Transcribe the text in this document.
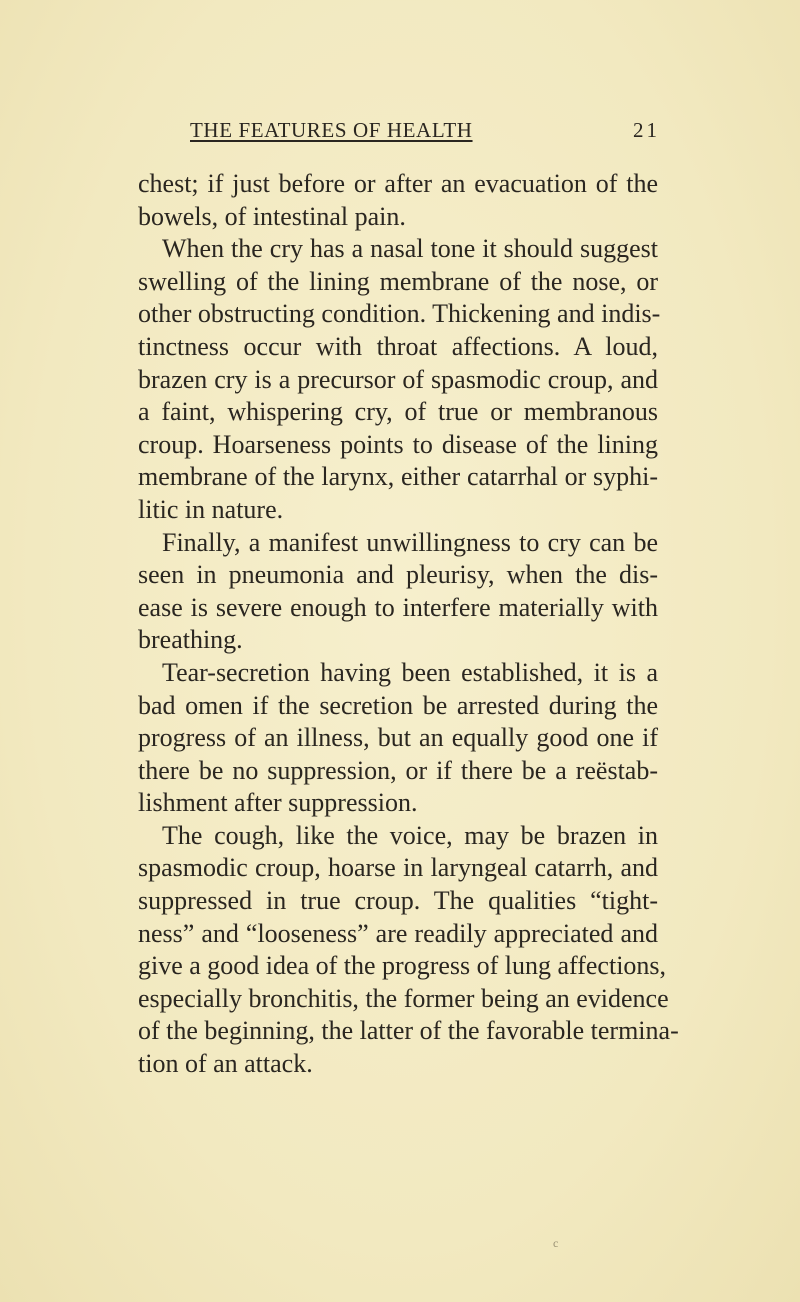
THE FEATURES OF HEALTH	21
chest; if just before or after an evacuation of the
bowels, of intestinal pain.
When the cry has a nasal tone it should suggest
swelling of the lining membrane of the nose, or
other obstructing condition. Thickening and indis-
tinctness occur with throat affections. A loud,
brazen cry is a precursor of spasmodic croup, and
a faint, whispering cry, of true or membranous
croup. Hoarseness points to disease of the lining
membrane of the larynx, either catarrhal or syphi-
litic in nature.
Finally, a manifest unwillingness to cry can be
seen in pneumonia and pleurisy, when the dis-
ease is severe enough to interfere materially with
breathing.
Tear-secretion having been established, it is a
bad omen if the secretion be arrested during the
progress of an illness, but an equally good one if
there be no suppression, or if there be a reëstab-
lishment after suppression.
The cough, like the voice, may be brazen in
spasmodic croup, hoarse in laryngeal catarrh, and
suppressed in true croup. The qualities “tight-
ness” and “looseness” are readily appreciated and
give a good idea of the progress of lung affections,
especially bronchitis, the former being an evidence
of the beginning, the latter of the favorable termina-
tion of an attack.
c
